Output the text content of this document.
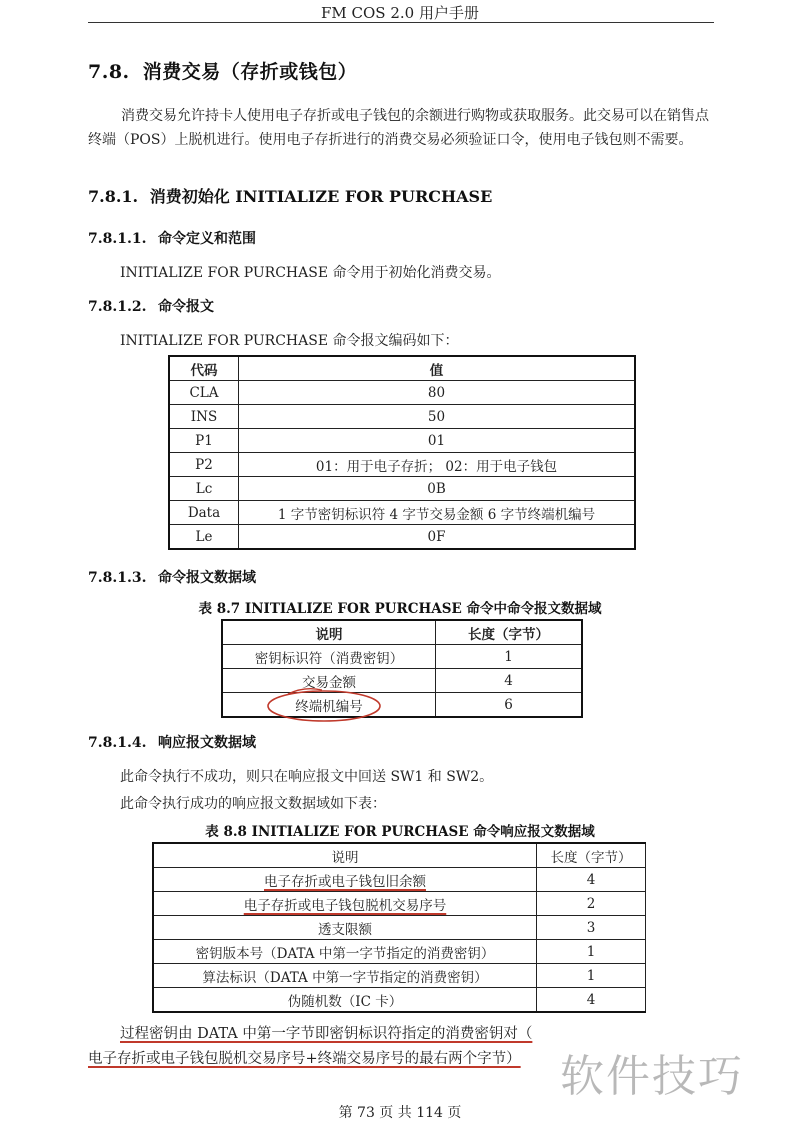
FM COS 2.0 用户手册
7.8. 消费交易（存折或钱包）
消费交易允许持卡人使用电子存折或电子钱包的余额进行购物或获取服务。此交易可以在销售点终端（POS）上脱机进行。使用电子存折进行的消费交易必须验证口令，使用电子钱包则不需要。
7.8.1. 消费初始化 INITIALIZE FOR PURCHASE
7.8.1.1. 命令定义和范围
INITIALIZE FOR PURCHASE 命令用于初始化消费交易。
7.8.1.2. 命令报文
INITIALIZE FOR PURCHASE 命令报文编码如下：
代码	值
CLA	80
INS	50
P1	01
P2	01：用于电子存折； 02：用于电子钱包
Lc	0B
Data	1 字节密钥标识符 4 字节交易金额 6 字节终端机编号
Le	0F
7.8.1.3. 命令报文数据域
表 8.7 INITIALIZE FOR PURCHASE 命令中命令报文数据域
说明	长度（字节）
密钥标识符（消费密钥）	1
交易金额	4
终端机编号	6
7.8.1.4. 响应报文数据域
此命令执行不成功，则只在响应报文中回送 SW1 和 SW2。
此命令执行成功的响应报文数据域如下表：
表 8.8 INITIALIZE FOR PURCHASE 命令响应报文数据域
说明	长度（字节）
电子存折或电子钱包旧余额	4
电子存折或电子钱包脱机交易序号	2
透支限额	3
密钥版本号（DATA 中第一字节指定的消费密钥）	1
算法标识（DATA 中第一字节指定的消费密钥）	1
伪随机数（IC 卡）	4
过程密钥由 DATA 中第一字节即密钥标识符指定的消费密钥对（
电子存折或电子钱包脱机交易序号+终端交易序号的最右两个字节） 软件技巧
第 73 页 共 114 页
